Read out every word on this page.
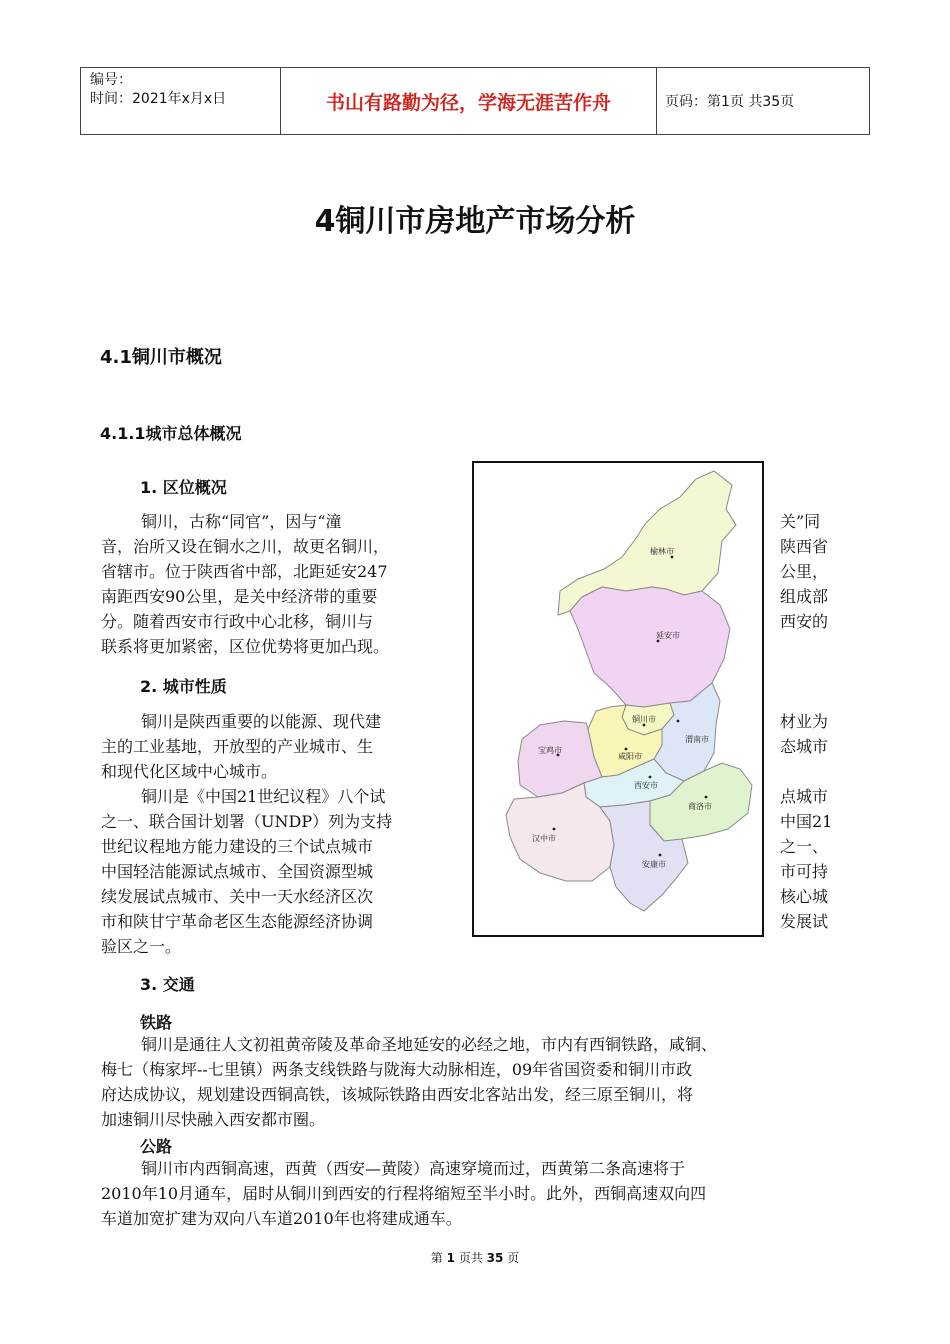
编号：
时间：2021年x月x日	书山有路勤为径，学海无涯苦作舟	页码：第1页 共35页
4铜川市房地产市场分析
4.1铜川市概况
4.1.1城市总体概况
1. 区位概况
2. 城市性质
3. 交通
铁路
公路
铜川，古称“同官”，因与“潼
音，治所又设在铜水之川，故更名铜川，
省辖市。位于陕西省中部，北距延安247
南距西安90公里，是关中经济带的重要
分。随着西安市行政中心北移，铜川与
联系将更加紧密，区位优势将更加凸现。
关”同
陕西省
公里，
组成部
西安的
铜川是陕西重要的以能源、现代建
主的工业基地，开放型的产业城市、生
和现代化区域中心城市。
铜川是《中国21世纪议程》八个试
之一、联合国计划署（UNDP）列为支持
世纪议程地方能力建设的三个试点城市
中国轻洁能源试点城市、全国资源型城
续发展试点城市、关中一天水经济区次
市和陕甘宁革命老区生态能源经济协调
验区之一。
材业为
态城市
点城市
中国21
之一、
市可持
核心城
发展试
铜川是通往人文初祖黄帝陵及革命圣地延安的必经之地，市内有西铜铁路，咸铜、
梅七（梅家坪--七里镇）两条支线铁路与陇海大动脉相连，09年省国资委和铜川市政
府达成协议，规划建设西铜高铁，该城际铁路由西安北客站出发，经三原至铜川，将
加速铜川尽快融入西安都市圈。
铜川市内西铜高速，西黄（西安—黄陵）高速穿境而过，西黄第二条高速将于
2010年10月通车，届时从铜川到西安的行程将缩短至半小时。此外，西铜高速双向四
车道加宽扩建为双向八车道2010年也将建成通车。
榆林市
延安市
铜川市
渭南市
咸阳市
宝鸡市
西安市
商洛市
汉中市
安康市
第 1 页共 35 页
